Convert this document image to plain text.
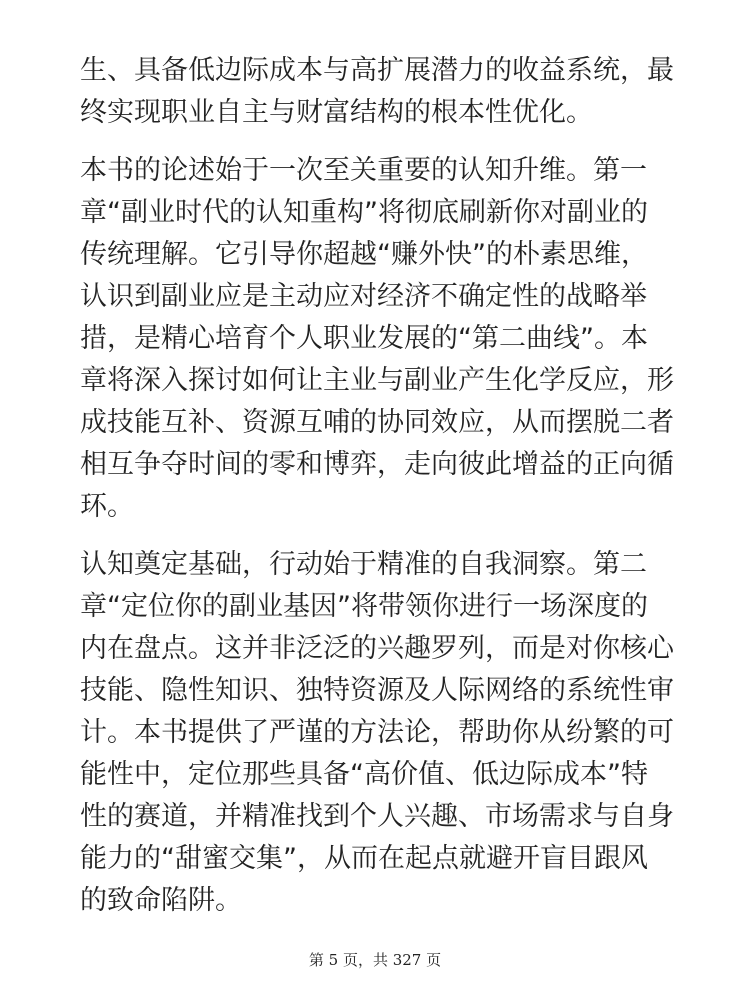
生、具备低边际成本与高扩展潜力的收益系统，最
终实现职业自主与财富结构的根本性优化。

本书的论述始于一次至关重要的认知升维。第一
章“副业时代的认知重构”将彻底刷新你对副业的
传统理解。它引导你超越“赚外快”的朴素思维，
认识到副业应是主动应对经济不确定性的战略举
措，是精心培育个人职业发展的“第二曲线”。本
章将深入探讨如何让主业与副业产生化学反应，形
成技能互补、资源互哺的协同效应，从而摆脱二者
相互争夺时间的零和博弈，走向彼此增益的正向循
环。

认知奠定基础，行动始于精准的自我洞察。第二
章“定位你的副业基因”将带领你进行一场深度的
内在盘点。这并非泛泛的兴趣罗列，而是对你核心
技能、隐性知识、独特资源及人际网络的系统性审
计。本书提供了严谨的方法论，帮助你从纷繁的可
能性中，定位那些具备“高价值、低边际成本”特
性的赛道，并精准找到个人兴趣、市场需求与自身
能力的“甜蜜交集”，从而在起点就避开盲目跟风
的致命陷阱。

第 5 页，共 327 页
